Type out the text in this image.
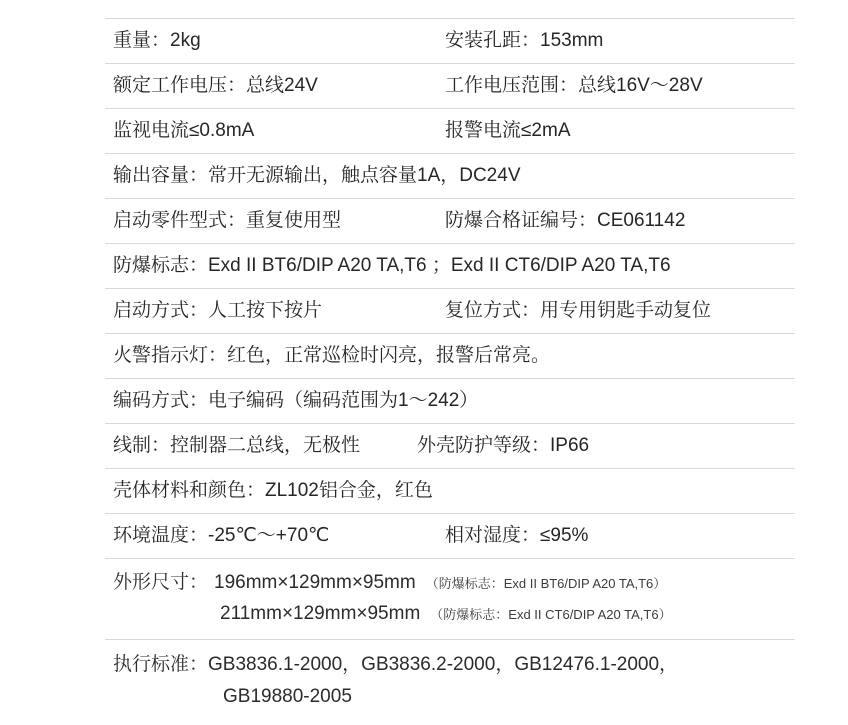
重量：2kg	安装孔距：153mm
额定工作电压：总线24V	工作电压范围：总线16V～28V
监视电流≤0.8mA	报警电流≤2mA
输出容量：常开无源输出，触点容量1A，DC24V
启动零件型式：重复使用型	防爆合格证编号：CE061142
防爆标志：Exd II BT6/DIP A20 TA,T6 ；Exd II CT6/DIP A20 TA,T6
启动方式：人工按下按片	复位方式：用专用钥匙手动复位
火警指示灯：红色，正常巡检时闪亮，报警后常亮。
编码方式：电子编码（编码范围为1～242）
线制：控制器二总线，无极性	外壳防护等级：IP66
壳体材料和颜色：ZL102铝合金，红色
环境温度：-25℃～+70℃	相对湿度：≤95%
外形尺寸： 196mm×129mm×95mm （防爆标志：Exd II BT6/DIP A20 TA,T6）
211mm×129mm×95mm （防爆标志：Exd II CT6/DIP A20 TA,T6）
执行标准：GB3836.1-2000，GB3836.2-2000，GB12476.1-2000，
GB19880-2005
